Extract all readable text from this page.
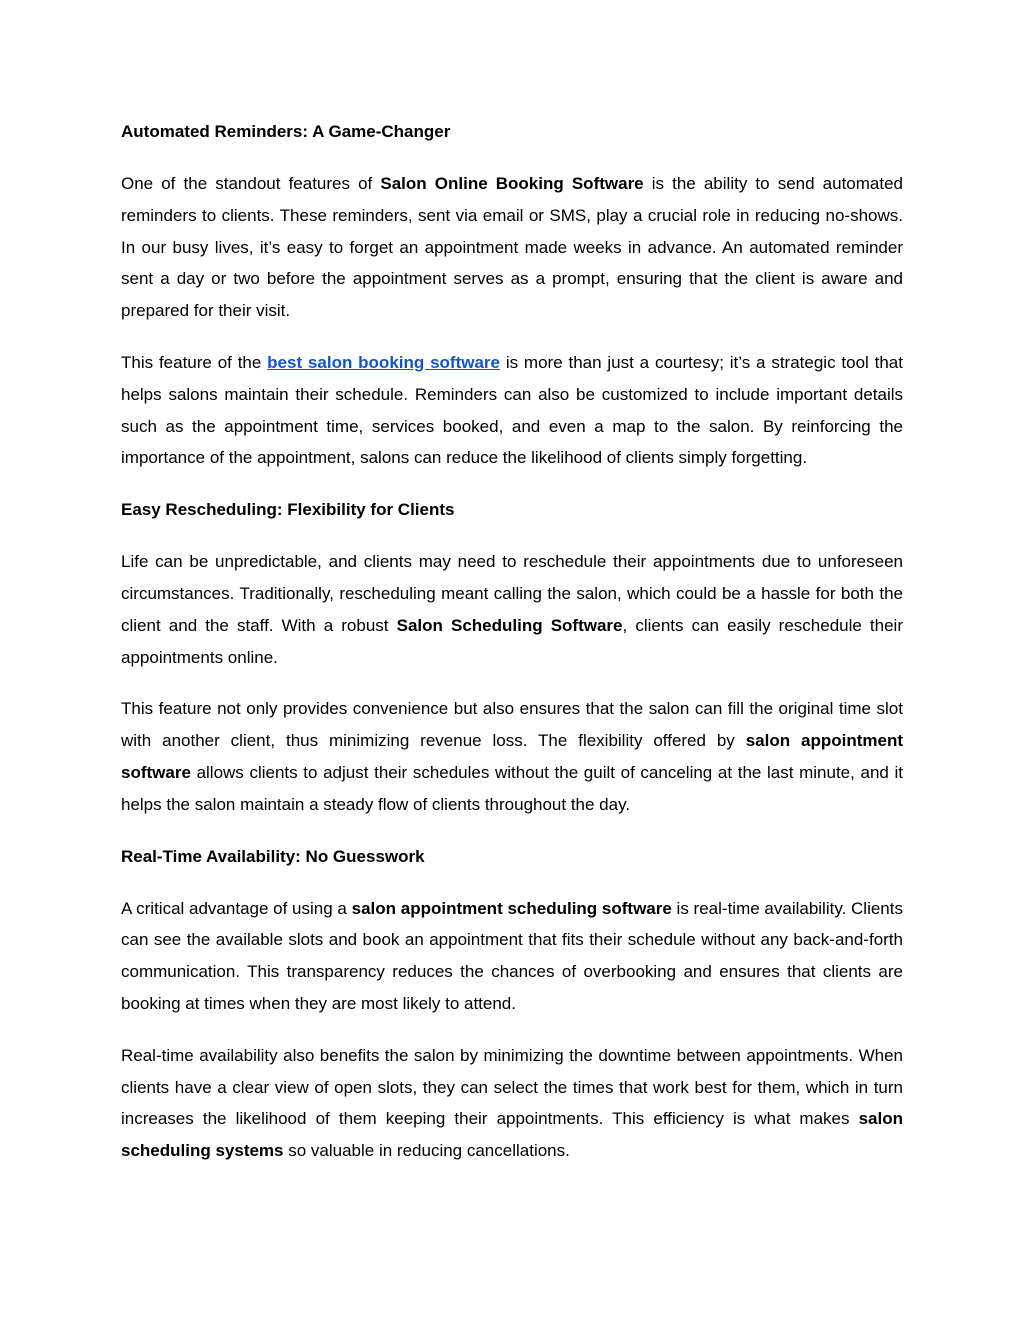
Automated Reminders: A Game-Changer

One of the standout features of Salon Online Booking Software is the ability to send automated reminders to clients. These reminders, sent via email or SMS, play a crucial role in reducing no-shows. In our busy lives, it’s easy to forget an appointment made weeks in advance. An automated reminder sent a day or two before the appointment serves as a prompt, ensuring that the client is aware and prepared for their visit.

This feature of the best salon booking software is more than just a courtesy; it’s a strategic tool that helps salons maintain their schedule. Reminders can also be customized to include important details such as the appointment time, services booked, and even a map to the salon. By reinforcing the importance of the appointment, salons can reduce the likelihood of clients simply forgetting.

Easy Rescheduling: Flexibility for Clients

Life can be unpredictable, and clients may need to reschedule their appointments due to unforeseen circumstances. Traditionally, rescheduling meant calling the salon, which could be a hassle for both the client and the staff. With a robust Salon Scheduling Software, clients can easily reschedule their appointments online.

This feature not only provides convenience but also ensures that the salon can fill the original time slot with another client, thus minimizing revenue loss. The flexibility offered by salon appointment software allows clients to adjust their schedules without the guilt of canceling at the last minute, and it helps the salon maintain a steady flow of clients throughout the day.

Real-Time Availability: No Guesswork

A critical advantage of using a salon appointment scheduling software is real-time availability. Clients can see the available slots and book an appointment that fits their schedule without any back-and-forth communication. This transparency reduces the chances of overbooking and ensures that clients are booking at times when they are most likely to attend.

Real-time availability also benefits the salon by minimizing the downtime between appointments. When clients have a clear view of open slots, they can select the times that work best for them, which in turn increases the likelihood of them keeping their appointments. This efficiency is what makes salon scheduling systems so valuable in reducing cancellations.
